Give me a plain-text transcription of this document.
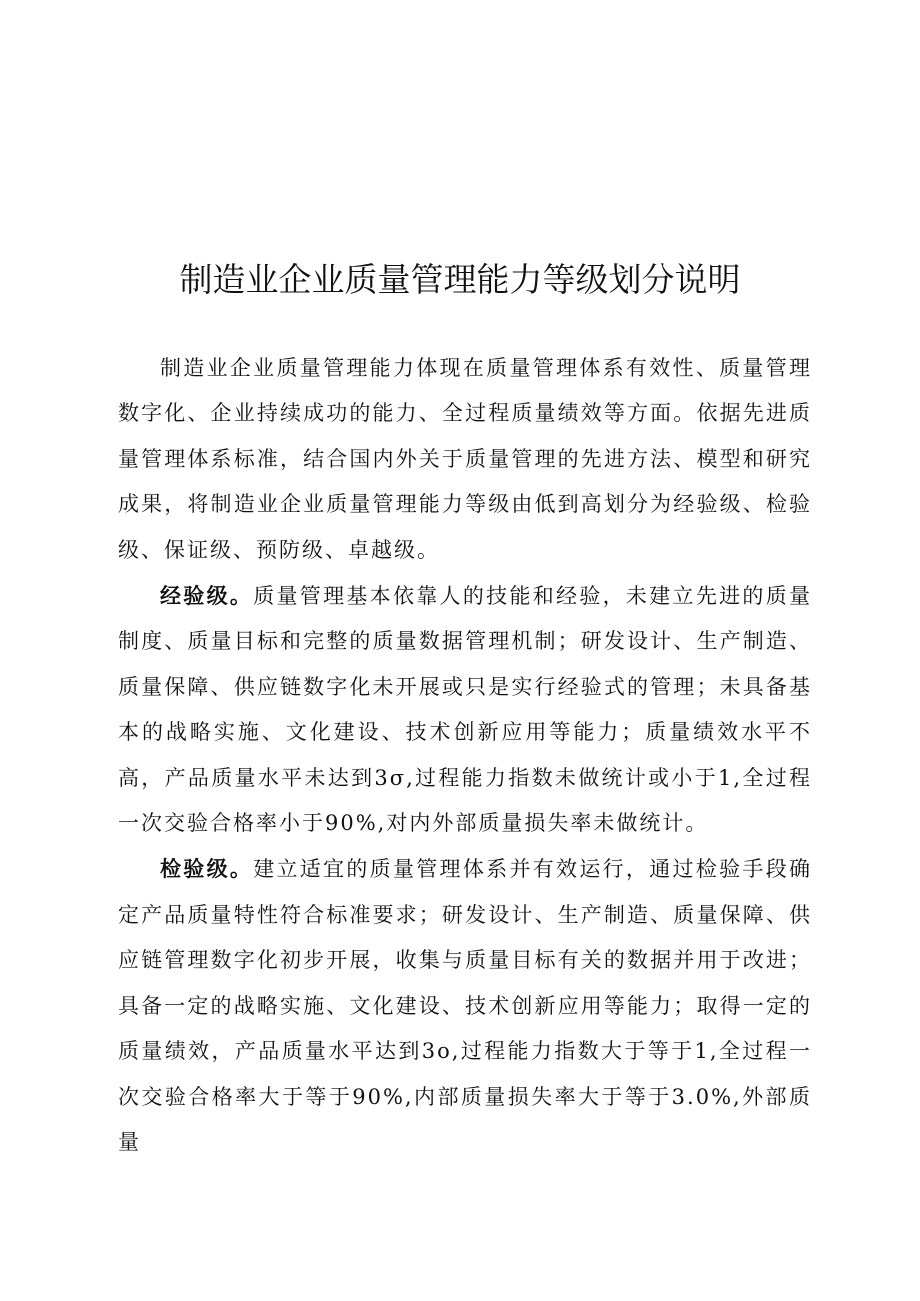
制造业企业质量管理能力等级划分说明

制造业企业质量管理能力体现在质量管理体系有效性、质量管理数字化、企业持续成功的能力、全过程质量绩效等方面。依据先进质量管理体系标准，结合国内外关于质量管理的先进方法、模型和研究成果，将制造业企业质量管理能力等级由低到高划分为经验级、检验级、保证级、预防级、卓越级。

经验级。质量管理基本依靠人的技能和经验，未建立先进的质量制度、质量目标和完整的质量数据管理机制；研发设计、生产制造、质量保障、供应链数字化未开展或只是实行经验式的管理；未具备基本的战略实施、文化建设、技术创新应用等能力；质量绩效水平不高，产品质量水平未达到3σ,过程能力指数未做统计或小于1,全过程一次交验合格率小于90%,对内外部质量损失率未做统计。

检验级。建立适宜的质量管理体系并有效运行，通过检验手段确定产品质量特性符合标准要求；研发设计、生产制造、质量保障、供应链管理数字化初步开展，收集与质量目标有关的数据并用于改进；具备一定的战略实施、文化建设、技术创新应用等能力；取得一定的质量绩效，产品质量水平达到3o,过程能力指数大于等于1,全过程一次交验合格率大于等于90%,内部质量损失率大于等于3.0%,外部质量
